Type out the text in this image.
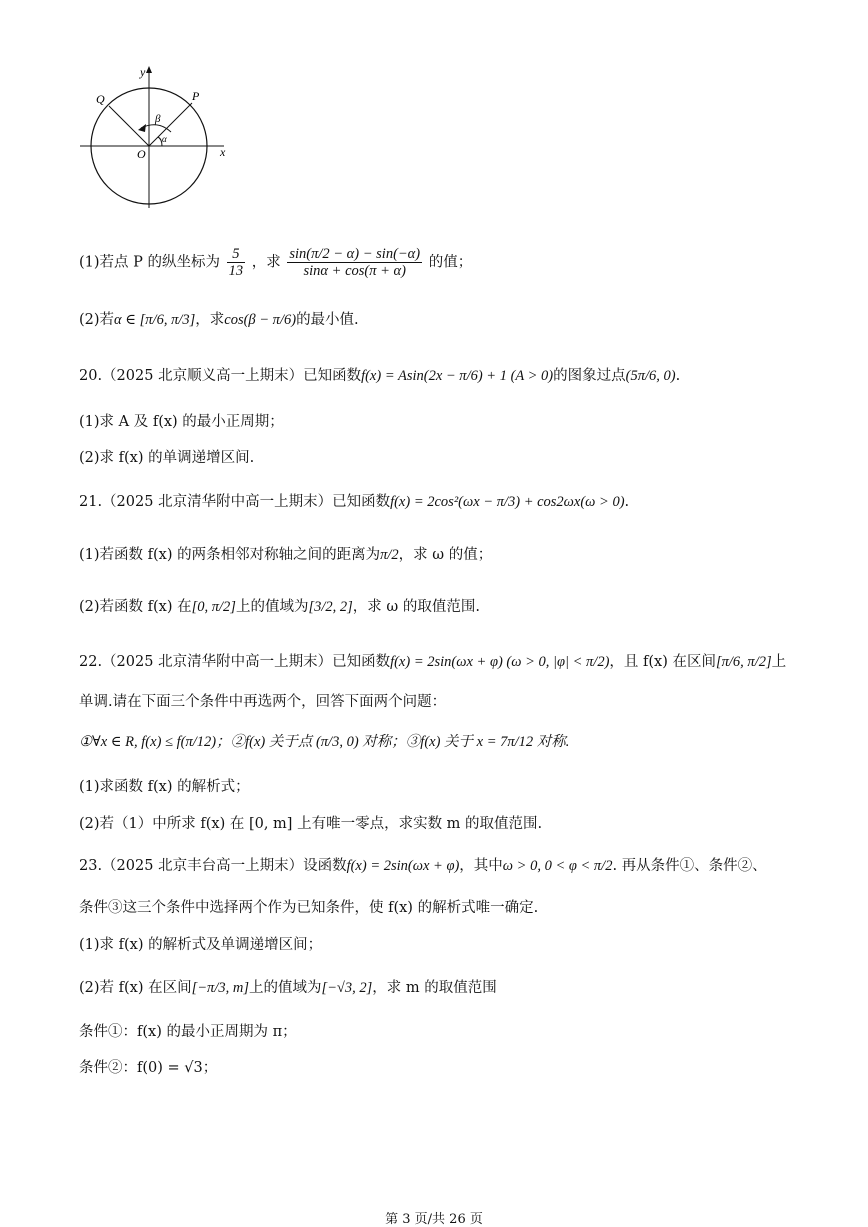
y
x
P
Q
O
β
α
(1)若点 P 的纵坐标为 $\frac{5}{13}$ ，求 $\frac{\sin(\pi/2 - \alpha) - \sin(-\alpha)}{\sin\alpha + \cos(\pi + \alpha)}$ 的值；
(2)若α ∈ [π/6, π/3]，求cos(β − π/6)的最小值.
20.（2025 北京顺义高一上期末）已知函数f(x) = Asin(2x − π/6) + 1 (A > 0)的图象过点(5π/6, 0).
(1)求 A 及 f(x) 的最小正周期；
(2)求 f(x) 的单调递增区间.
21.（2025 北京清华附中高一上期末）已知函数f(x) = 2cos²(ωx − π/3) + cos2ωx(ω > 0).
(1)若函数 f(x) 的两条相邻对称轴之间的距离为π/2，求 ω 的值；
(2)若函数 f(x) 在[0, π/2]上的值域为[3/2, 2]，求 ω 的取值范围.
22.（2025 北京清华附中高一上期末）已知函数f(x) = 2sin(ωx + φ) (ω > 0, |φ| < π/2)，且 f(x) 在区间[π/6, π/2]上
单调.请在下面三个条件中再选两个，回答下面两个问题：
①∀x ∈ R, f(x) ≤ f(π/12)；②f(x) 关于点 (π/3, 0) 对称；③f(x) 关于 x = 7π/12 对称.
(1)求函数 f(x) 的解析式；
(2)若（1）中所求 f(x) 在 [0, m] 上有唯一零点，求实数 m 的取值范围.
23.（2025 北京丰台高一上期末）设函数f(x) = 2sin(ωx + φ)，其中ω > 0, 0 < φ < π/2. 再从条件①、条件②、
条件③这三个条件中选择两个作为已知条件，使 f(x) 的解析式唯一确定.
(1)求 f(x) 的解析式及单调递增区间；
(2)若 f(x) 在区间[−π/3, m]上的值域为[−√3, 2]，求 m 的取值范围
条件①：f(x) 的最小正周期为 π；
条件②：f(0) = √3；
第 3 页/共 26 页
